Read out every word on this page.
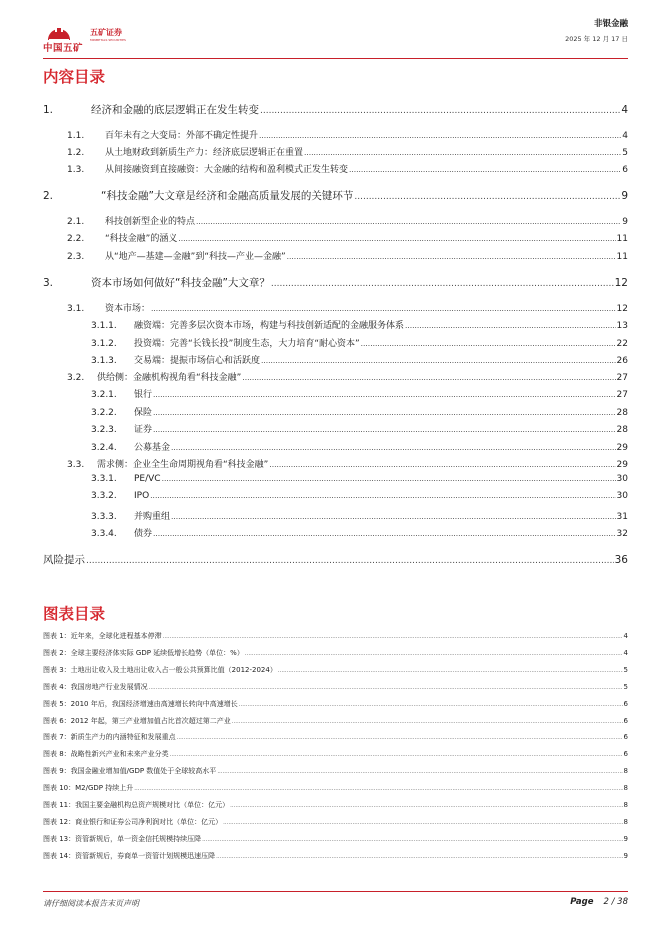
中国五矿
五矿证券
MINMETALS SECURITIES
非银金融
2025 年 12 月 17 日
内容目录
1.	经济和金融的底层逻辑正在发生转变 .....	4
1.1.	百年未有之大变局：外部不确定性提升 .....	4
1.2.	从土地财政到新质生产力：经济底层逻辑正在重置 .....	5
1.3.	从间接融资到直接融资：大金融的结构和盈利模式正发生转变 .....	6
2.	“科技金融”大文章是经济和金融高质量发展的关键环节 .....	9
2.1.	科技创新型企业的特点 .....	9
2.2.	“科技金融”的涵义 .....	11
2.3.	从“地产—基建—金融”到“科技—产业—金融” .....	11
3.	资本市场如何做好“科技金融”大文章？ .....	12
3.1.	资本市场： .....	12
3.1.1.	融资端：完善多层次资本市场，构建与科技创新适配的金融服务体系 .....	13
3.1.2.	投资端：完善“长钱长投”制度生态，大力培育“耐心资本” .....	22
3.1.3.	交易端：提振市场信心和活跃度 .....	26
3.2.	供给侧：金融机构视角看“科技金融” .....	27
3.2.1.	银行 .....	27
3.2.2.	保险 .....	28
3.2.3.	证券 .....	28
3.2.4.	公募基金 .....	29
3.3.	需求侧：企业全生命周期视角看“科技金融” .....	29
3.3.1.	PE/VC .....	30
3.3.2.	IPO .....	30
3.3.3.	并购重组 .....	31
3.3.4.	债券 .....	32
风险提示 .....	36
图表目录
图表 1：近年来，全球化进程基本停滞 .....	4
图表 2：全球主要经济体实际 GDP 延续低增长趋势（单位：%） .....	4
图表 3：土地出让收入及土地出让收入占一般公共预算比值（2012-2024） .....	5
图表 4：我国房地产行业发展情况 .....	5
图表 5：2010 年后，我国经济增速由高速增长转向中高速增长 .....	6
图表 6：2012 年起，第三产业增加值占比首次超过第二产业 .....	6
图表 7：新质生产力的内涵特征和发展重点 .....	6
图表 8：战略性新兴产业和未来产业分类 .....	6
图表 9：我国金融业增加值/GDP 数值处于全球较高水平 .....	8
图表 10：M2/GDP 持续上升 .....	8
图表 11：我国主要金融机构总资产规模对比（单位：亿元） .....	8
图表 12：商业银行和证券公司净利润对比（单位：亿元） .....	8
图表 13：资管新规后，单一资金信托规模持续压降 .....	9
图表 14：资管新规后，券商单一资管计划规模迅速压降 .....	9
请仔细阅读本报告末页声明	Page 2 / 38
